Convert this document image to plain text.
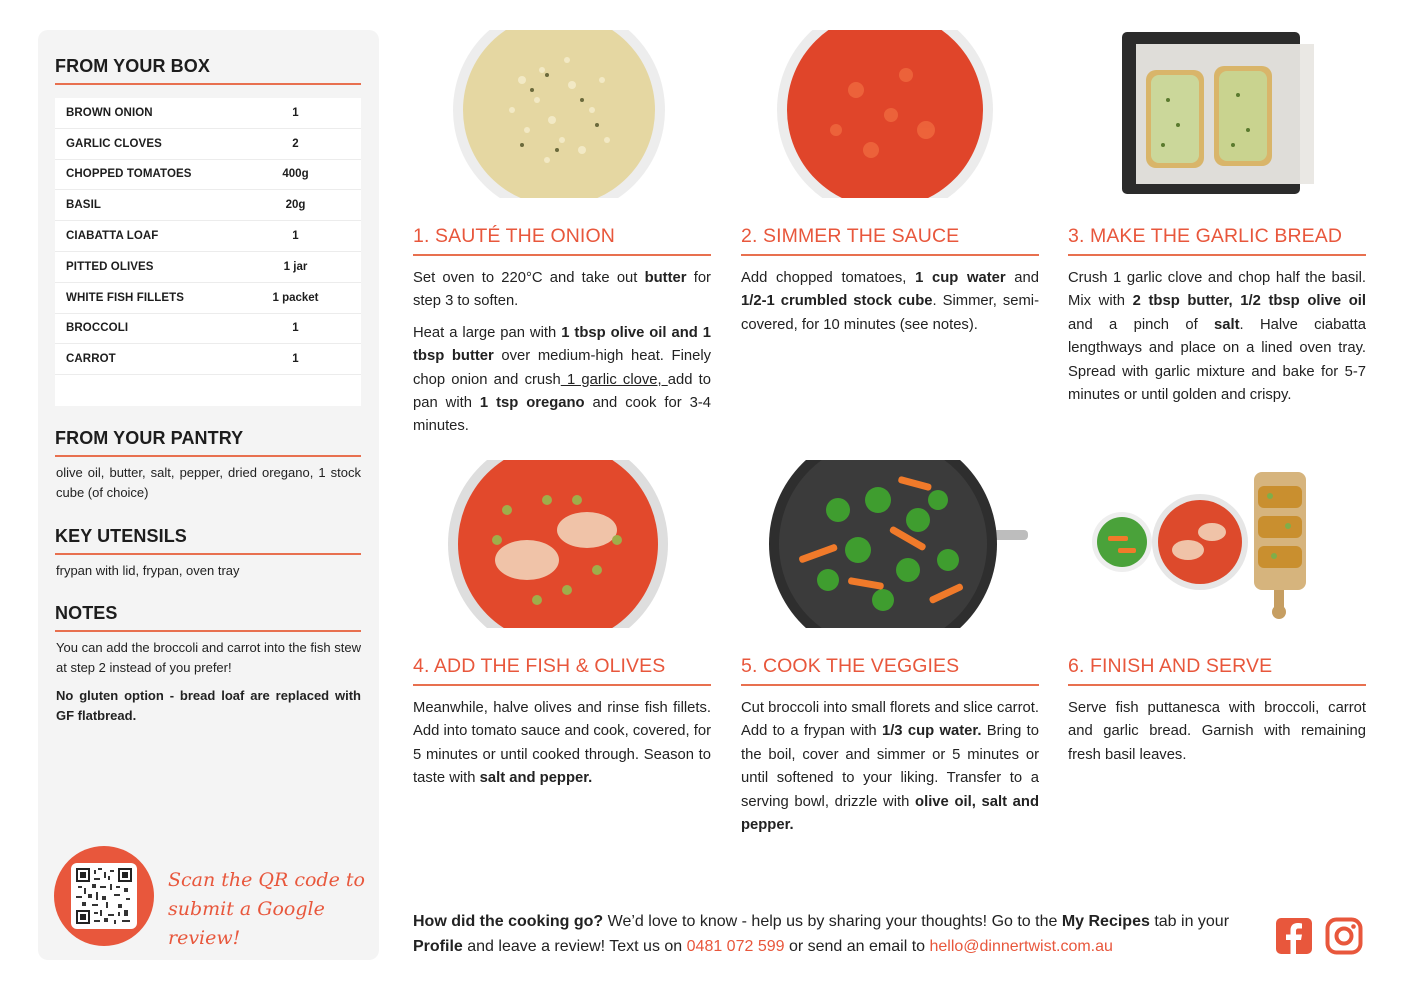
FROM YOUR BOX
BROWN ONION	1
GARLIC CLOVES	2
CHOPPED TOMATOES	400g
BASIL	20g
CIABATTA LOAF	1
PITTED OLIVES	1 jar
WHITE FISH FILLETS	1 packet
BROCCOLI	1
CARROT	1
FROM YOUR PANTRY
olive oil, butter, salt, pepper, dried oregano, 1 stock cube (of choice)
KEY UTENSILS
frypan with lid, frypan, oven tray
NOTES
You can add the broccoli and carrot into the fish stew at step 2 instead of you prefer!
No gluten option - bread loaf are replaced with GF flatbread.
Scan the QR code to
submit a Google review!
1. SAUTÉ THE ONION

Set oven to 220°C and take out butter for step 3 to soften.

Heat a large pan with 1 tbsp olive oil and 1 tbsp butter over medium-high heat. Finely chop onion and crush 1 garlic clove, add to pan with 1 tsp oregano and cook for 3-4 minutes.

2. SIMMER THE SAUCE

Add chopped tomatoes, 1 cup water and 1/2-1 crumbled stock cube. Simmer, semi-covered, for 10 minutes (see notes).

3. MAKE THE GARLIC BREAD

Crush 1 garlic clove and chop half the basil. Mix with 2 tbsp butter, 1/2 tbsp olive oil and a pinch of salt. Halve ciabatta lengthways and place on a lined oven tray. Spread with garlic mixture and bake for 5-7 minutes or until golden and crispy.

4. ADD THE FISH & OLIVES

Meanwhile, halve olives and rinse fish fillets. Add into tomato sauce and cook, covered, for 5 minutes or until cooked through. Season to taste with salt and pepper.

5. COOK THE VEGGIES

Cut broccoli into small florets and slice carrot. Add to a frypan with 1/3 cup water. Bring to the boil, cover and simmer or 5 minutes or until softened to your liking. Transfer to a serving bowl, drizzle with olive oil, salt and pepper.

6. FINISH AND SERVE

Serve fish puttanesca with broccoli, carrot and garlic bread. Garnish with remaining fresh basil leaves.

How did the cooking go? We’d love to know - help us by sharing your thoughts! Go to the My Recipes tab in your Profile and leave a review! Text us on 0481 072 599 or send an email to hello@dinnertwist.com.au
